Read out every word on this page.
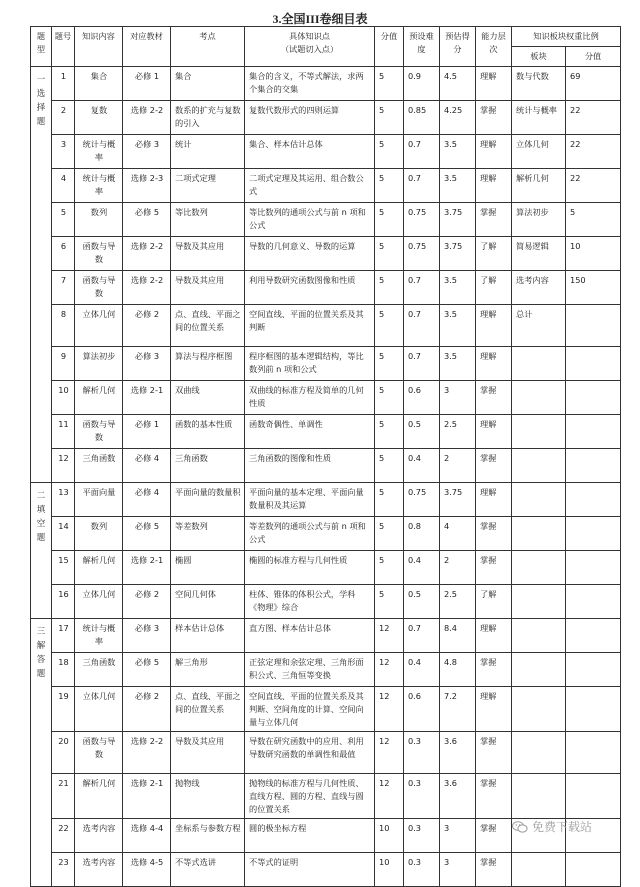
3.全国III卷细目表
题型	题号	知识内容	对应教材	考点	具体知识点
（试题切入点）	分值	预设难度	预估得分	能力层次	知识板块权重比例	
										板块	分值

一选择题	1	集合	必修 1	集合	集合的含义，不等式解法，求两个集合的交集	5	0.9	4.5	理解	数与代数	69
	2	复数	选修 2-2	数系的扩充与复数的引入	复数代数形式的四则运算	5	0.85	4.25	掌握	统计与概率	22
	3	统计与概率	必修 3	统计	集合、样本估计总体	5	0.7	3.5	理解	立体几何	22
	4	统计与概率	选修 2-3	二项式定理	二项式定理及其运用、组合数公式	5	0.7	3.5	理解	解析几何	22
	5	数列	必修 5	等比数列	等比数列的通项公式与前 n 项和公式	5	0.75	3.75	掌握	算法初步	5
	6	函数与导数	选修 2-2	导数及其应用	导数的几何意义、导数的运算	5	0.75	3.75	了解	简易逻辑	10
	7	函数与导数	选修 2-2	导数及其应用	利用导数研究函数图像和性质	5	0.7	3.5	了解	选考内容	150
	8	立体几何	必修 2	点、直线、平面之间的位置关系	空间直线、平面的位置关系及其判断	5	0.7	3.5	理解	总计	
	9	算法初步	必修 3	算法与程序框图	程序框图的基本逻辑结构，等比数列前 n 项和公式	5	0.7	3.5	理解		
	10	解析几何	选修 2-1	双曲线	双曲线的标准方程及简单的几何性质	5	0.6	3	掌握		
	11	函数与导数	必修 1	函数的基本性质	函数奇偶性、单调性	5	0.5	2.5	理解		
	12	三角函数	必修 4	三角函数	三角函数的图像和性质	5	0.4	2	掌握		

二填空题	13	平面向量	必修 4	平面向量的数量积	平面向量的基本定理、平面向量数量积及其运算	5	0.75	3.75	理解		
	14	数列	必修 5	等差数列	等差数列的通项公式与前 n 项和公式	5	0.8	4	掌握		
	15	解析几何	选修 2-1	椭圆	椭圆的标准方程与几何性质	5	0.4	2	掌握		
	16	立体几何	必修 2	空间几何体	柱体、锥体的体积公式，学科《物理》综合	5	0.5	2.5	了解		

三解答题	17	统计与概率	必修 3	样本估计总体	直方图、样本估计总体	12	0.7	8.4	理解		
	18	三角函数	必修 5	解三角形	正弦定理和余弦定理、三角形面积公式、三角恒等变换	12	0.4	4.8	掌握		
	19	立体几何	必修 2	点、直线、平面之间的位置关系	空间直线、平面的位置关系及其判断、空间角度的计算、空间向量与立体几何	12	0.6	7.2	理解		
	20	函数与导数	选修 2-2	导数及其应用	导数在研究函数中的应用、利用导数研究函数的单调性和最值	12	0.3	3.6	掌握		
	21	解析几何	选修 2-1	抛物线	抛物线的标准方程与几何性质、直线方程、圆的方程、直线与圆的位置关系	12	0.3	3.6	掌握		
	22	选考内容	选修 4-4	坐标系与参数方程	圆的极坐标方程	10	0.3	3	掌握		
	23	选考内容	选修 4-5	不等式选讲	不等式的证明	10	0.3	3	掌握		
免费下载站
